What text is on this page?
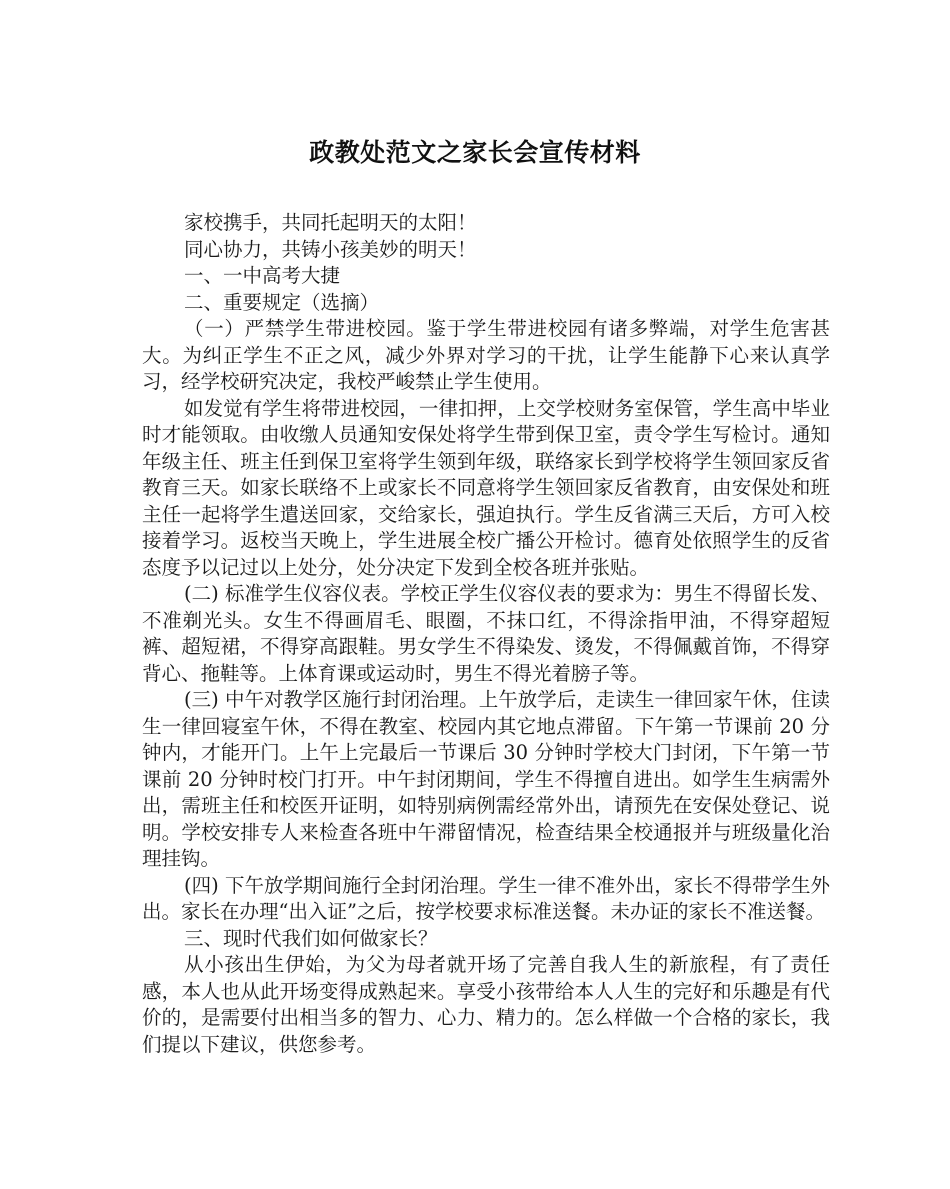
政教处范文之家长会宣传材料

家校携手，共同托起明天的太阳！

同心协力，共铸小孩美妙的明天！

一、一中高考大捷

二、重要规定（选摘）

（一）严禁学生带进校园。鉴于学生带进校园有诸多弊端，对学生危害甚大。为纠正学生不正之风，减少外界对学习的干扰，让学生能静下心来认真学习，经学校研究决定，我校严峻禁止学生使用。

如发觉有学生将带进校园，一律扣押，上交学校财务室保管，学生高中毕业时才能领取。由收缴人员通知安保处将学生带到保卫室，责令学生写检讨。通知年级主任、班主任到保卫室将学生领到年级，联络家长到学校将学生领回家反省教育三天。如家长联络不上或家长不同意将学生领回家反省教育，由安保处和班主任一起将学生遣送回家，交给家长，强迫执行。学生反省满三天后，方可入校接着学习。返校当天晚上，学生进展全校广播公开检讨。德育处依照学生的反省态度予以记过以上处分，处分决定下发到全校各班并张贴。

(二) 标准学生仪容仪表。学校正学生仪容仪表的要求为：男生不得留长发、不准剃光头。女生不得画眉毛、眼圈，不抹口红，不得涂指甲油，不得穿超短裤、超短裙，不得穿高跟鞋。男女学生不得染发、烫发，不得佩戴首饰，不得穿背心、拖鞋等。上体育课或运动时，男生不得光着膀子等。

(三) 中午对教学区施行封闭治理。上午放学后，走读生一律回家午休，住读生一律回寝室午休，不得在教室、校园内其它地点滞留。下午第一节课前 20 分钟内，才能开门。上午上完最后一节课后 30 分钟时学校大门封闭，下午第一节课前 20 分钟时校门打开。中午封闭期间，学生不得擅自进出。如学生生病需外出，需班主任和校医开证明，如特别病例需经常外出，请预先在安保处登记、说明。学校安排专人来检查各班中午滞留情况，检查结果全校通报并与班级量化治理挂钩。

(四) 下午放学期间施行全封闭治理。学生一律不准外出，家长不得带学生外出。家长在办理“出入证”之后，按学校要求标准送餐。未办证的家长不准送餐。

三、现时代我们如何做家长？

从小孩出生伊始，为父为母者就开场了完善自我人生的新旅程，有了责任感，本人也从此开场变得成熟起来。享受小孩带给本人人生的完好和乐趣是有代价的，是需要付出相当多的智力、心力、精力的。怎么样做一个合格的家长，我们提以下建议，供您参考。
